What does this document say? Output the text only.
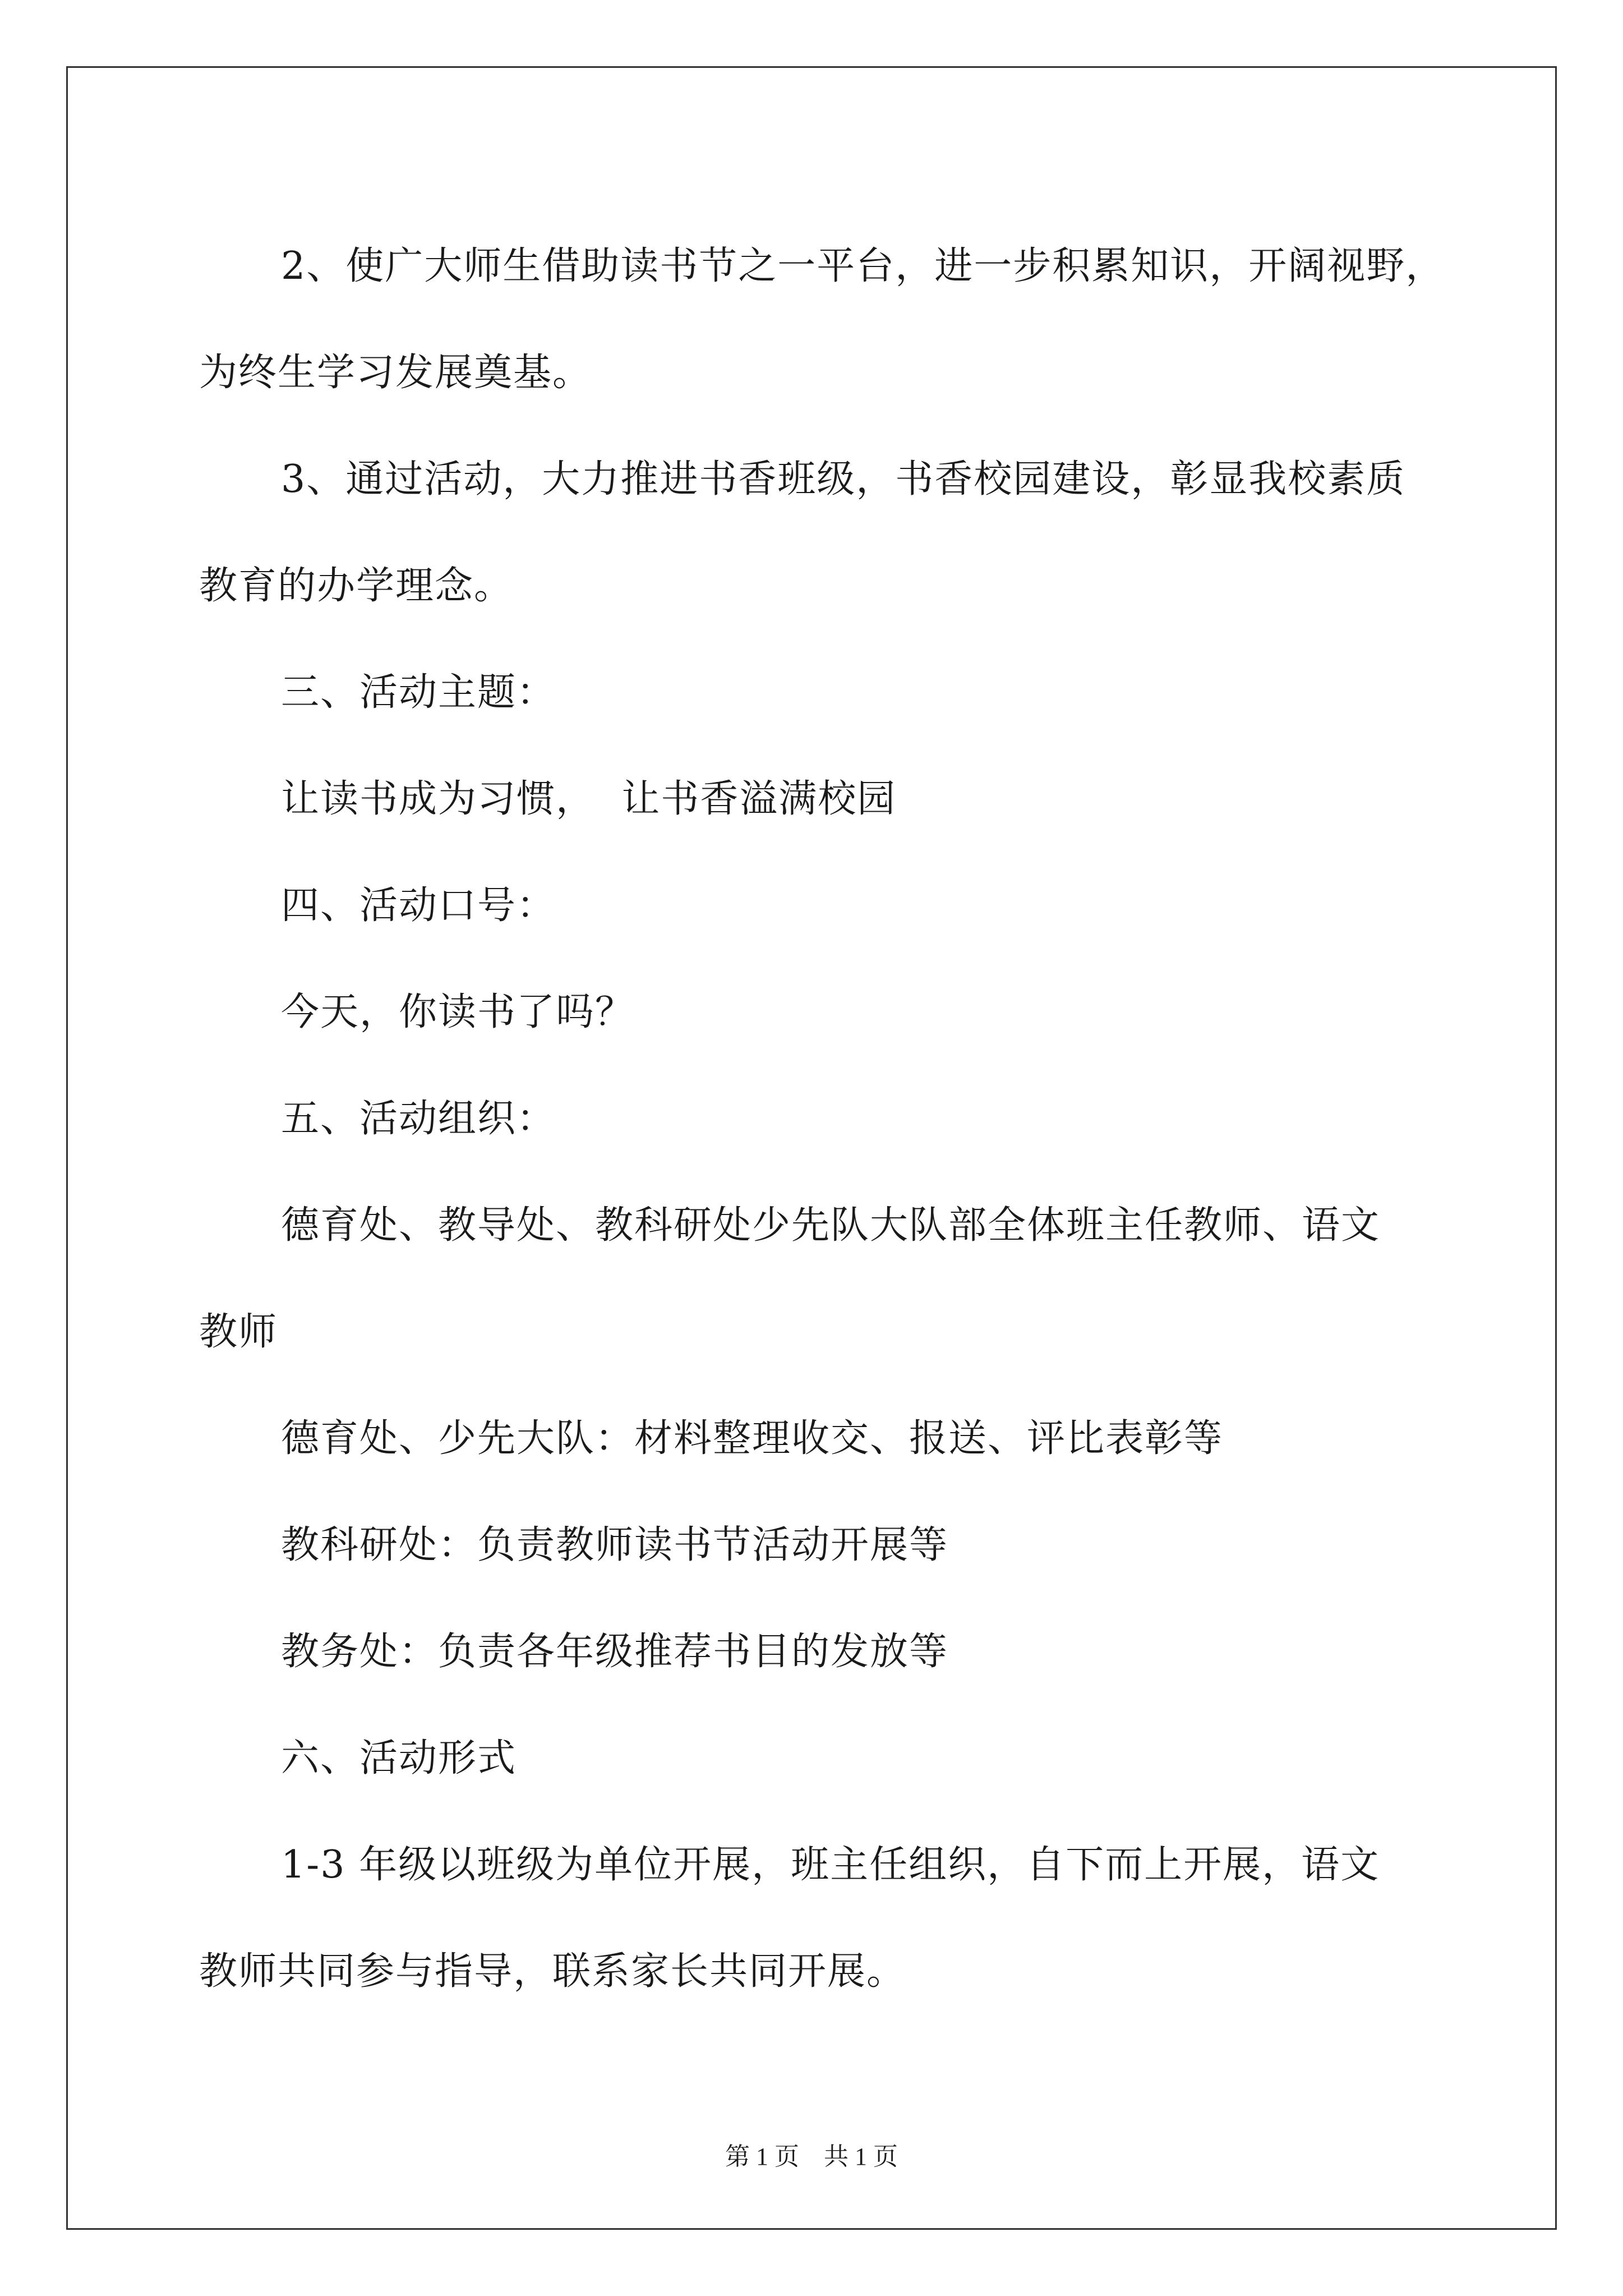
2、使广大师生借助读书节之一平台，进一步积累知识，开阔视野，

为终生学习发展奠基。

3、通过活动，大力推进书香班级，书香校园建设，彰显我校素质

教育的办学理念。

三、活动主题：

让读书成为习惯，  让书香溢满校园

四、活动口号：

今天，你读书了吗？

五、活动组织：

德育处、教导处、教科研处少先队大队部全体班主任教师、语文

教师

德育处、少先大队：材料整理收交、报送、评比表彰等

教科研处：负责教师读书节活动开展等

教务处：负责各年级推荐书目的发放等

六、活动形式

1-3 年级以班级为单位开展，班主任组织，自下而上开展，语文

教师共同参与指导，联系家长共同开展。

第 1 页    共 1 页
